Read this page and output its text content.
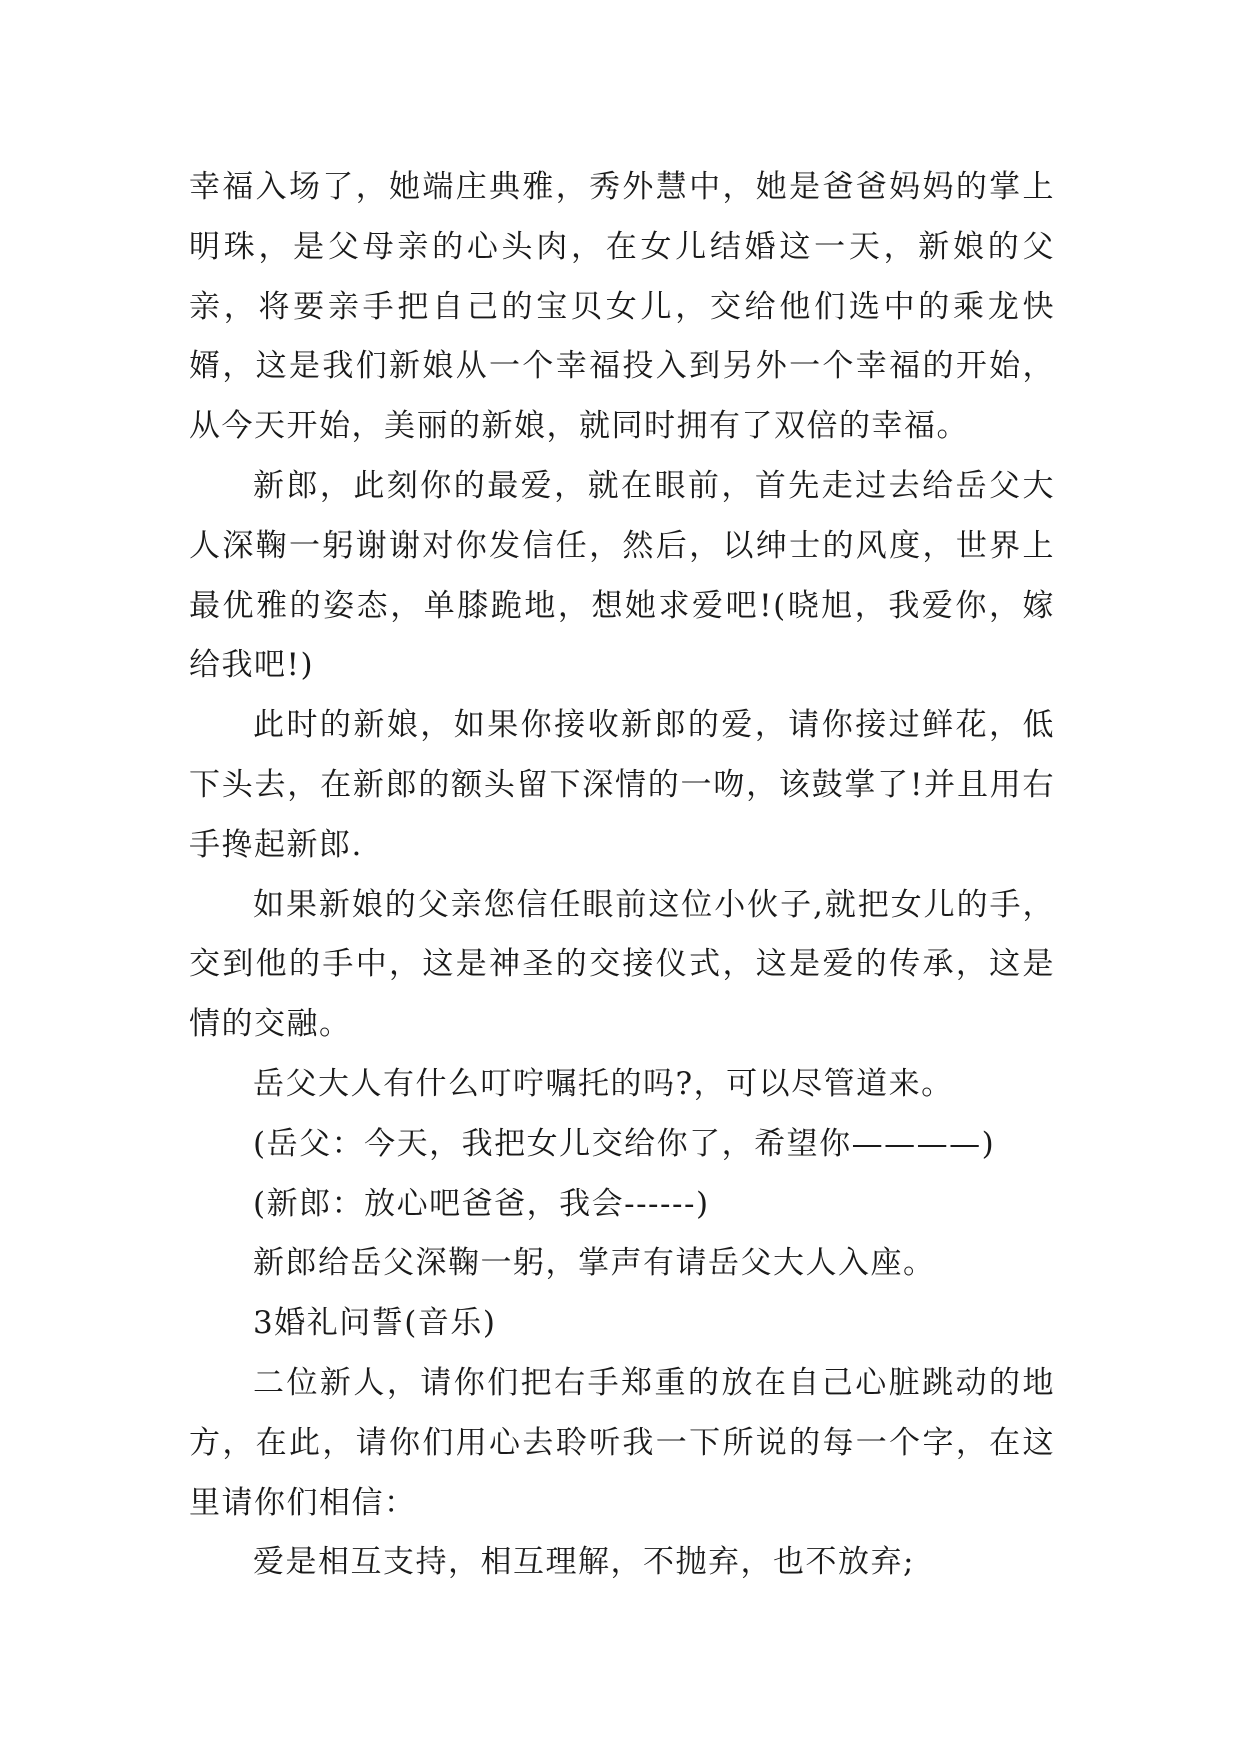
幸福入场了，她端庄典雅，秀外慧中，她是爸爸妈妈的掌上明珠，是父母亲的心头肉，在女儿结婚这一天，新娘的父亲，将要亲手把自己的宝贝女儿，交给他们选中的乘龙快婿，这是我们新娘从一个幸福投入到另外一个幸福的开始，从今天开始，美丽的新娘，就同时拥有了双倍的幸福。

新郎，此刻你的最爱，就在眼前，首先走过去给岳父大人深鞠一躬谢谢对你发信任，然后，以绅士的风度，世界上最优雅的姿态，单膝跪地，想她求爱吧!(晓旭，我爱你，嫁给我吧!)

此时的新娘，如果你接收新郎的爱，请你接过鲜花，低下头去，在新郎的额头留下深情的一吻，该鼓掌了!并且用右手搀起新郎.

如果新娘的父亲您信任眼前这位小伙子,就把女儿的手，交到他的手中，这是神圣的交接仪式，这是爱的传承，这是情的交融。

岳父大人有什么叮咛嘱托的吗?，可以尽管道来。

(岳父：今天，我把女儿交给你了，希望你————)

(新郎：放心吧爸爸，我会------)

新郎给岳父深鞠一躬，掌声有请岳父大人入座。

3婚礼问誓(音乐)

二位新人，请你们把右手郑重的放在自己心脏跳动的地方，在此，请你们用心去聆听我一下所说的每一个字，在这里请你们相信：

爱是相互支持，相互理解，不抛弃，也不放弃;
